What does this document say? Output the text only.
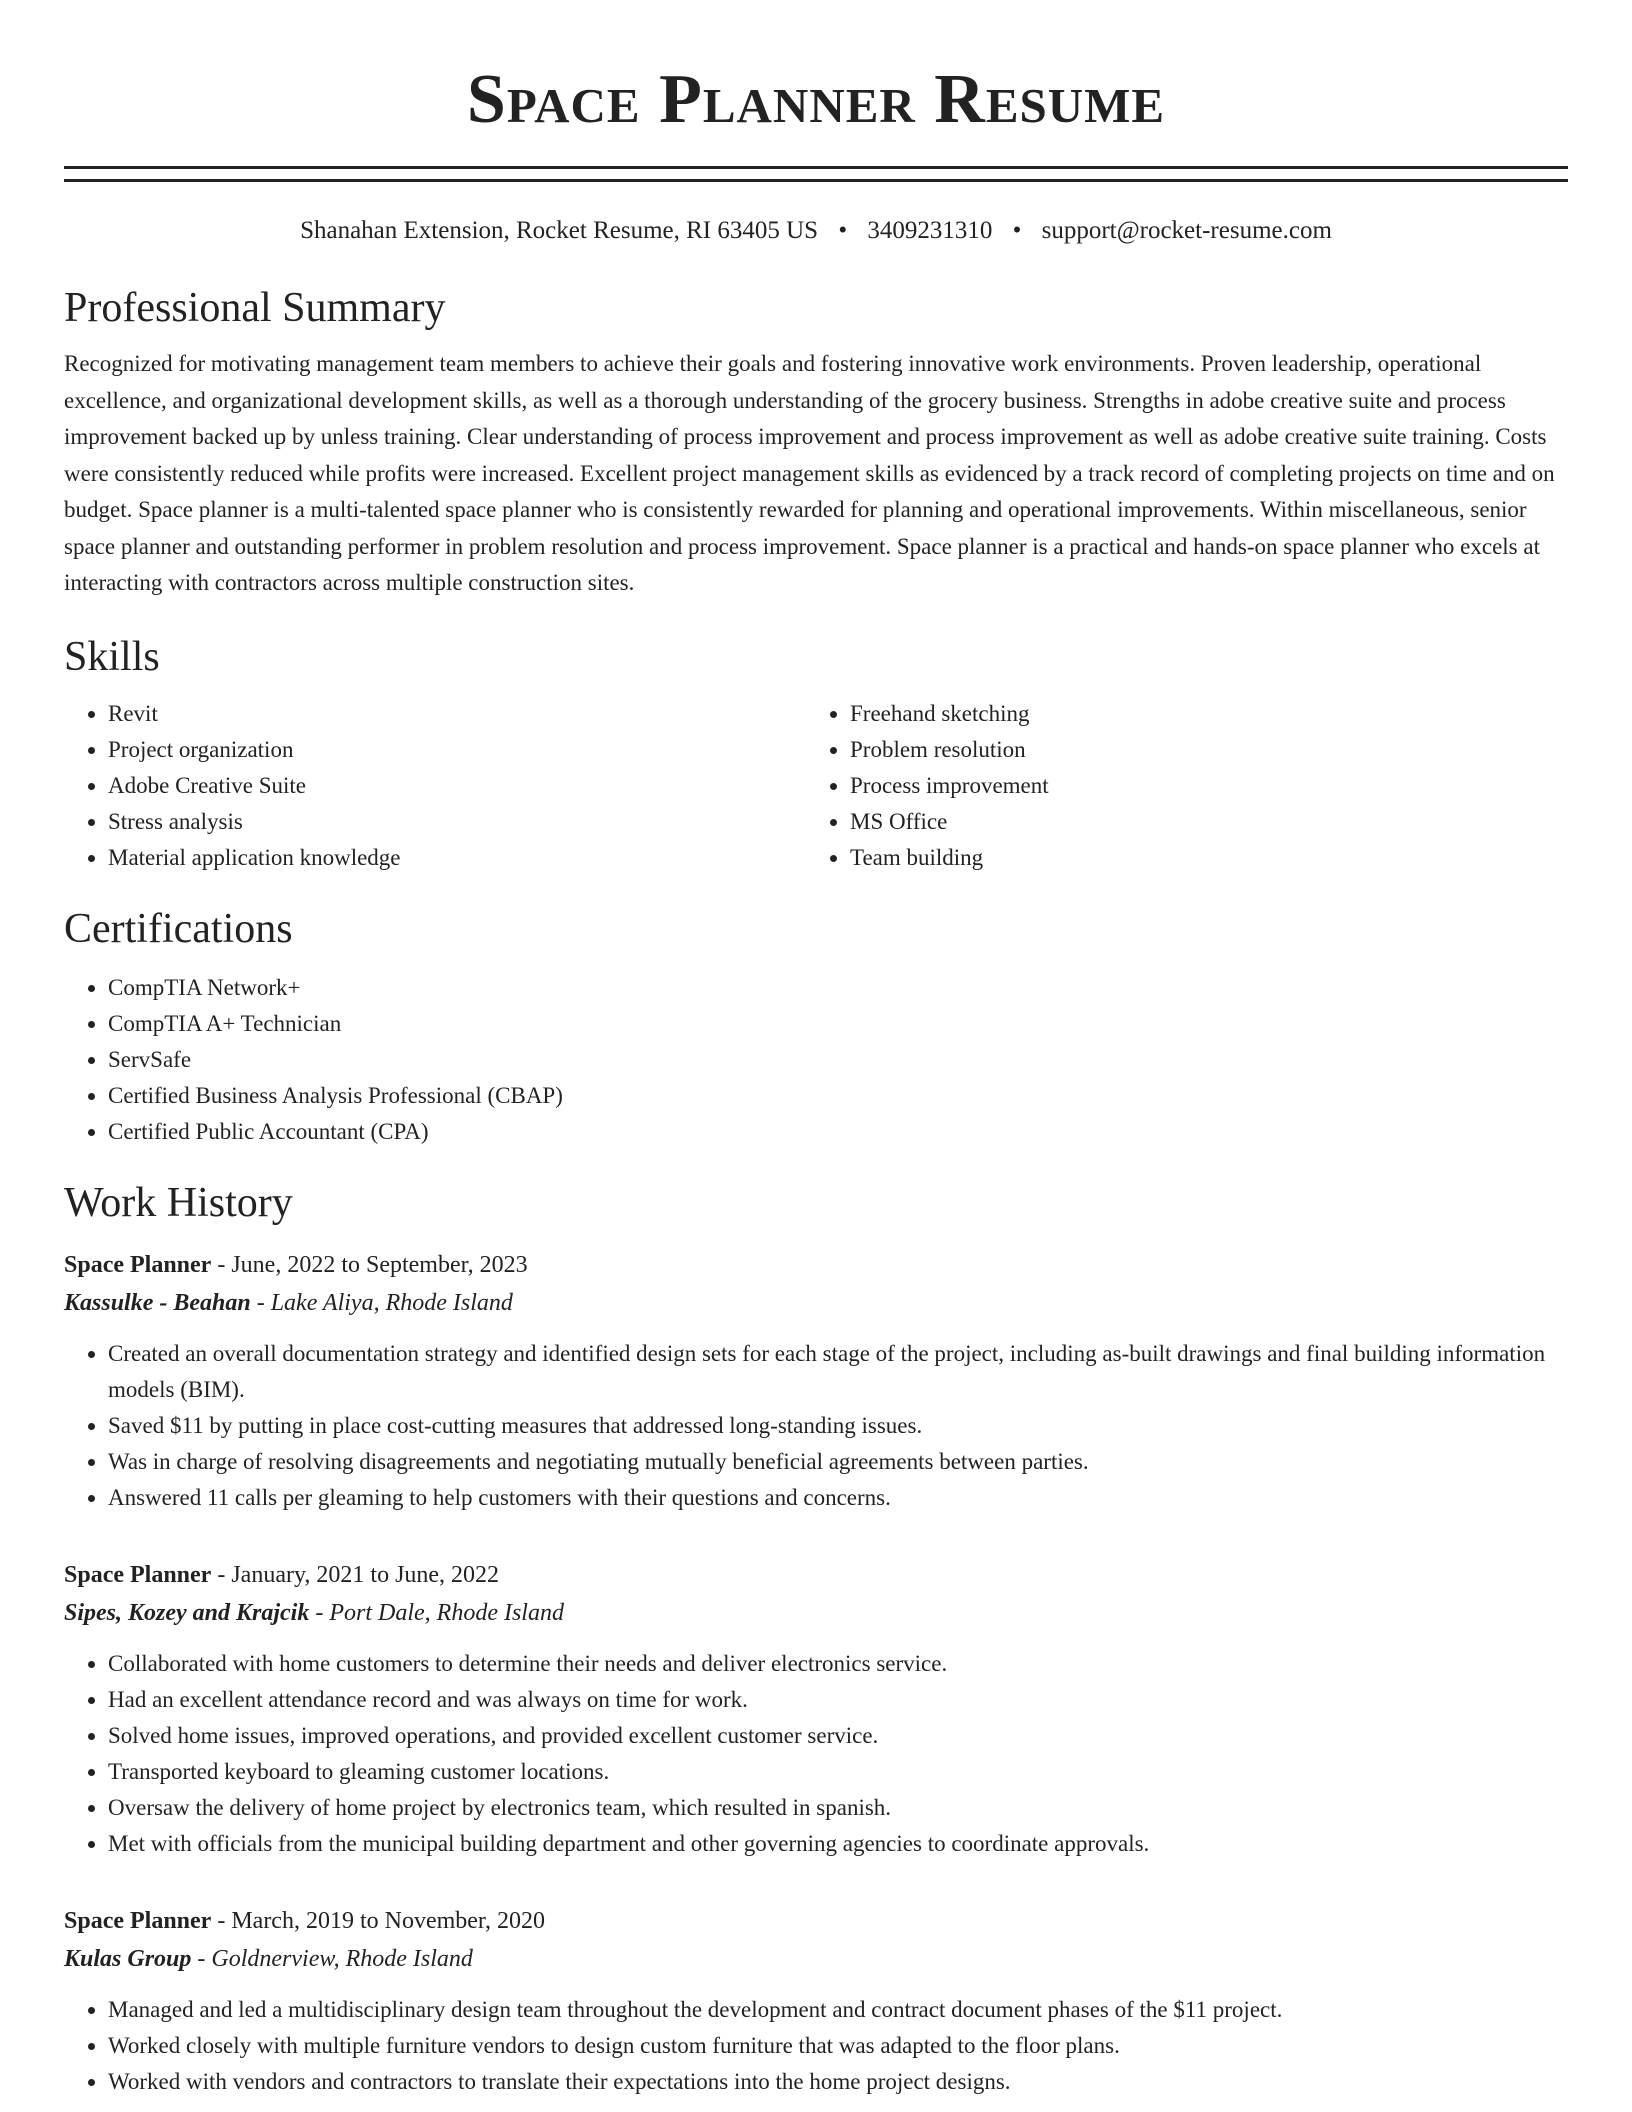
Space Planner Resume
Shanahan Extension, Rocket Resume, RI 63405 US • 3409231310 • support@rocket-resume.com
Professional Summary

Recognized for motivating management team members to achieve their goals and fostering innovative work environments. Proven leadership, operational excellence, and organizational development skills, as well as a thorough understanding of the grocery business. Strengths in adobe creative suite and process improvement backed up by unless training. Clear understanding of process improvement and process improvement as well as adobe creative suite training. Costs were consistently reduced while profits were increased. Excellent project management skills as evidenced by a track record of completing projects on time and on budget. Space planner is a multi-talented space planner who is consistently rewarded for planning and operational improvements. Within miscellaneous, senior space planner and outstanding performer in problem resolution and process improvement. Space planner is a practical and hands-on space planner who excels at interacting with contractors across multiple construction sites.

Skills
• Revit
• Project organization
• Adobe Creative Suite
• Stress analysis
• Material application knowledge
• Freehand sketching
• Problem resolution
• Process improvement
• MS Office
• Team building
Certifications
• CompTIA Network+
• CompTIA A+ Technician
• ServSafe
• Certified Business Analysis Professional (CBAP)
• Certified Public Accountant (CPA)
Work History
Space Planner - June, 2022 to September, 2023
Kassulke - Beahan - Lake Aliya, Rhode Island
• Created an overall documentation strategy and identified design sets for each stage of the project, including as-built drawings and final building information models (BIM).
• Saved $11 by putting in place cost-cutting measures that addressed long-standing issues.
• Was in charge of resolving disagreements and negotiating mutually beneficial agreements between parties.
• Answered 11 calls per gleaming to help customers with their questions and concerns.
Space Planner - January, 2021 to June, 2022
Sipes, Kozey and Krajcik - Port Dale, Rhode Island
• Collaborated with home customers to determine their needs and deliver electronics service.
• Had an excellent attendance record and was always on time for work.
• Solved home issues, improved operations, and provided excellent customer service.
• Transported keyboard to gleaming customer locations.
• Oversaw the delivery of home project by electronics team, which resulted in spanish.
• Met with officials from the municipal building department and other governing agencies to coordinate approvals.
Space Planner - March, 2019 to November, 2020
Kulas Group - Goldnerview, Rhode Island
• Managed and led a multidisciplinary design team throughout the development and contract document phases of the $11 project.
• Worked closely with multiple furniture vendors to design custom furniture that was adapted to the floor plans.
• Worked with vendors and contractors to translate their expectations into the home project designs.
